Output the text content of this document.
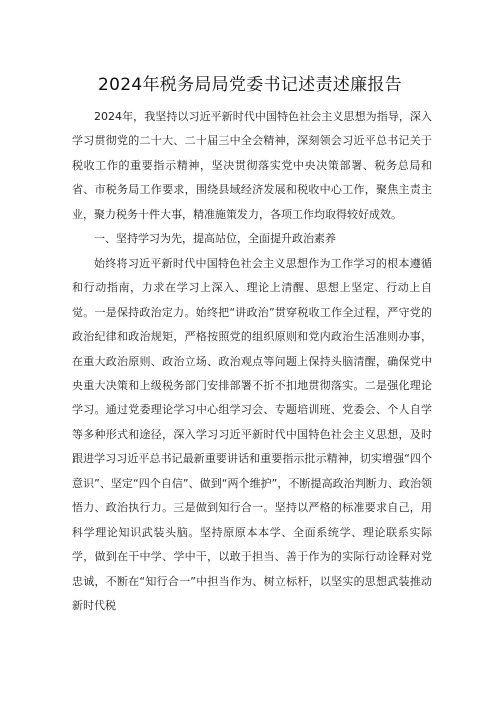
2024年税务局局党委书记述责述廉报告

2024年，我坚持以习近平新时代中国特色社会主义思想为指导，深入学习贯彻党的二十大、二十届三中全会精神，深刻领会习近平总书记关于税收工作的重要指示精神，坚决贯彻落实党中央决策部署、税务总局和省、市税务局工作要求，围绕县域经济发展和税收中心工作，聚焦主责主业，聚力税务十件大事，精准施策发力，各项工作均取得较好成效。

一、坚持学习为先，提高站位，全面提升政治素养

始终将习近平新时代中国特色社会主义思想作为工作学习的根本遵循和行动指南，力求在学习上深入、理论上清醒、思想上坚定、行动上自觉。一是保持政治定力。始终把“讲政治”贯穿税收工作全过程，严守党的政治纪律和政治规矩，严格按照党的组织原则和党内政治生活准则办事，在重大政治原则、政治立场、政治观点等问题上保持头脑清醒，确保党中央重大决策和上级税务部门安排部署不折不扣地贯彻落实。二是强化理论学习。通过党委理论学习中心组学习会、专题培训班、党委会、个人自学等多种形式和途径，深入学习习近平新时代中国特色社会主义思想，及时跟进学习习近平总书记最新重要讲话和重要指示批示精神，切实增强“四个意识”、坚定“四个自信”、做到“两个维护”，不断提高政治判断力、政治领悟力、政治执行力。三是做到知行合一。坚持以严格的标准要求自己，用科学理论知识武装头脑。坚持原原本本学、全面系统学、理论联系实际学，做到在干中学、学中干，以敢于担当、善于作为的实际行动诠释对党忠诚，不断在“知行合一”中担当作为、树立标杆，以坚实的思想武装推动新时代税
